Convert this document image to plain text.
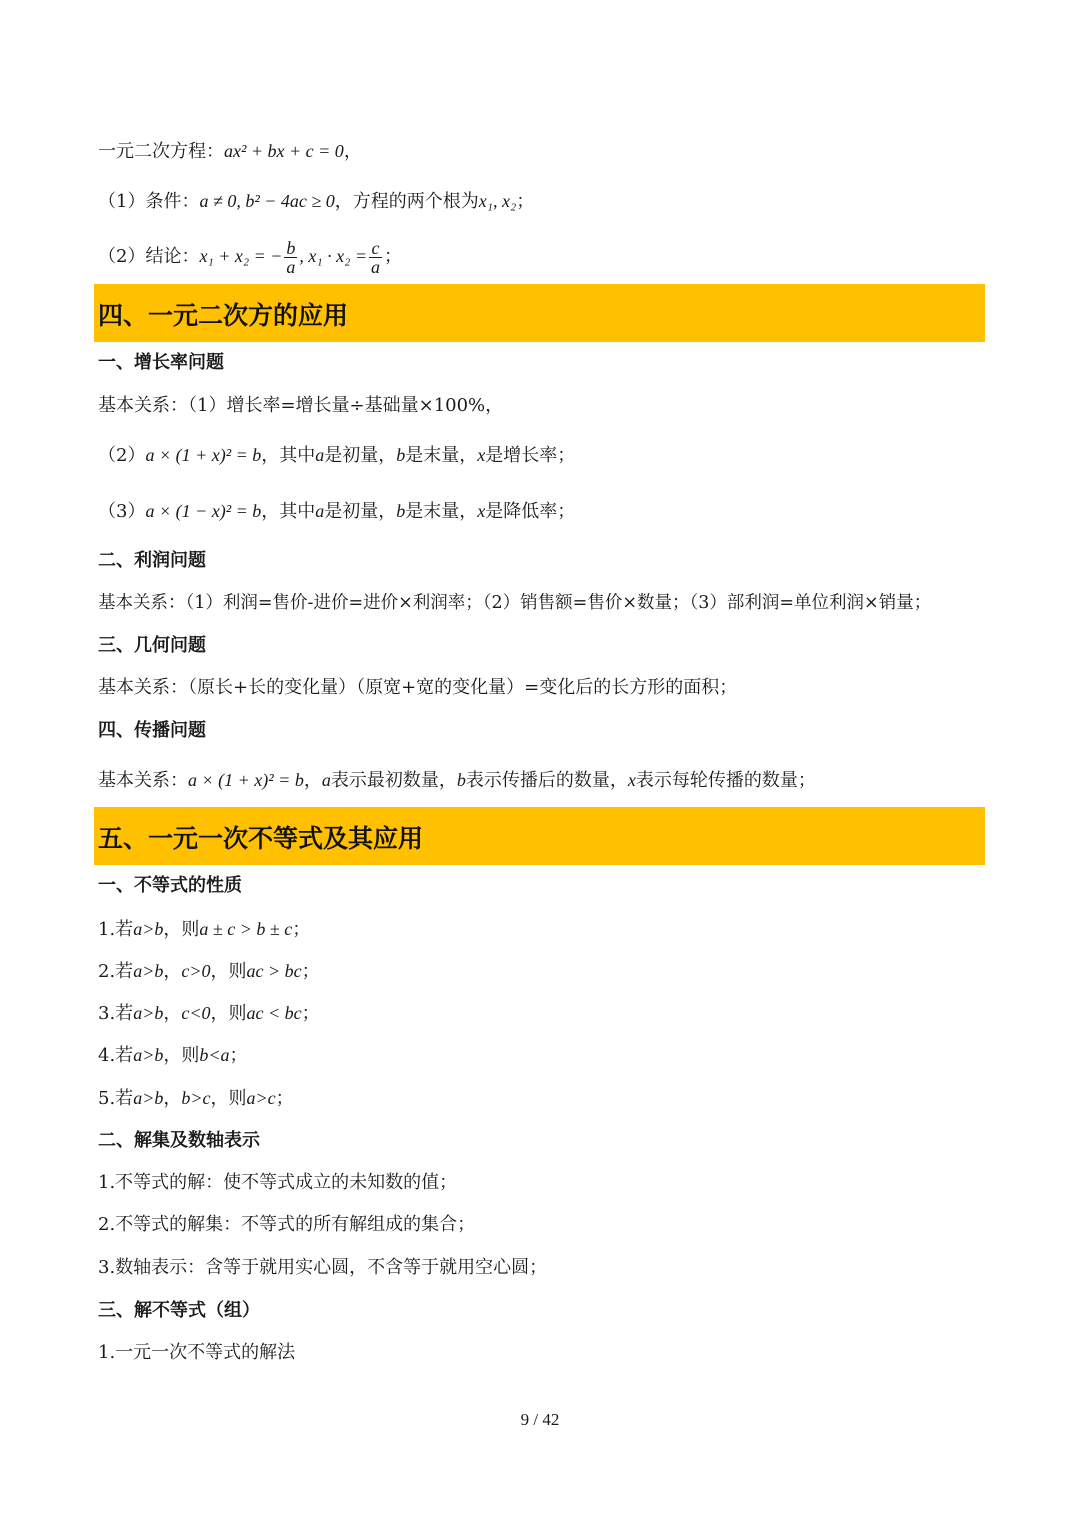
一元二次方程：ax² + bx + c = 0，
（1）条件：a ≠ 0, b² − 4ac ≥ 0，方程的两个根为x₁, x₂；
（2）结论：x₁ + x₂ = − $\frac{b}{a}$ , $x_1 \cdot x_2 = \frac{c}{a}$ ；
四、一元二次方的应用
一、增长率问题
基本关系：（1）增长率=增长量÷基础量×100%，
（2）a × (1 + x)² = b，其中a是初量，b是末量，x是增长率；
（3）a × (1 − x)² = b，其中a是初量，b是末量，x是降低率；
二、利润问题
基本关系：（1）利润=售价-进价=进价×利润率；（2）销售额=售价×数量；（3）部利润=单位利润×销量；
三、几何问题
基本关系：（原长+长的变化量）（原宽+宽的变化量）=变化后的长方形的面积；
四、传播问题
基本关系：a × (1 + x)² = b，a表示最初数量，b表示传播后的数量，x表示每轮传播的数量；
五、一元一次不等式及其应用
一、不等式的性质
1.若a>b，则a ± c > b ± c；
2.若a>b，c>0，则ac > bc；
3.若a>b，c<0，则ac < bc；
4.若a>b，则b<a；
5.若a>b，b>c，则a>c；
二、解集及数轴表示
1.不等式的解：使不等式成立的未知数的值；
2.不等式的解集：不等式的所有解组成的集合；
3.数轴表示：含等于就用实心圆，不含等于就用空心圆；
三、解不等式（组）
1.一元一次不等式的解法
9 / 42
